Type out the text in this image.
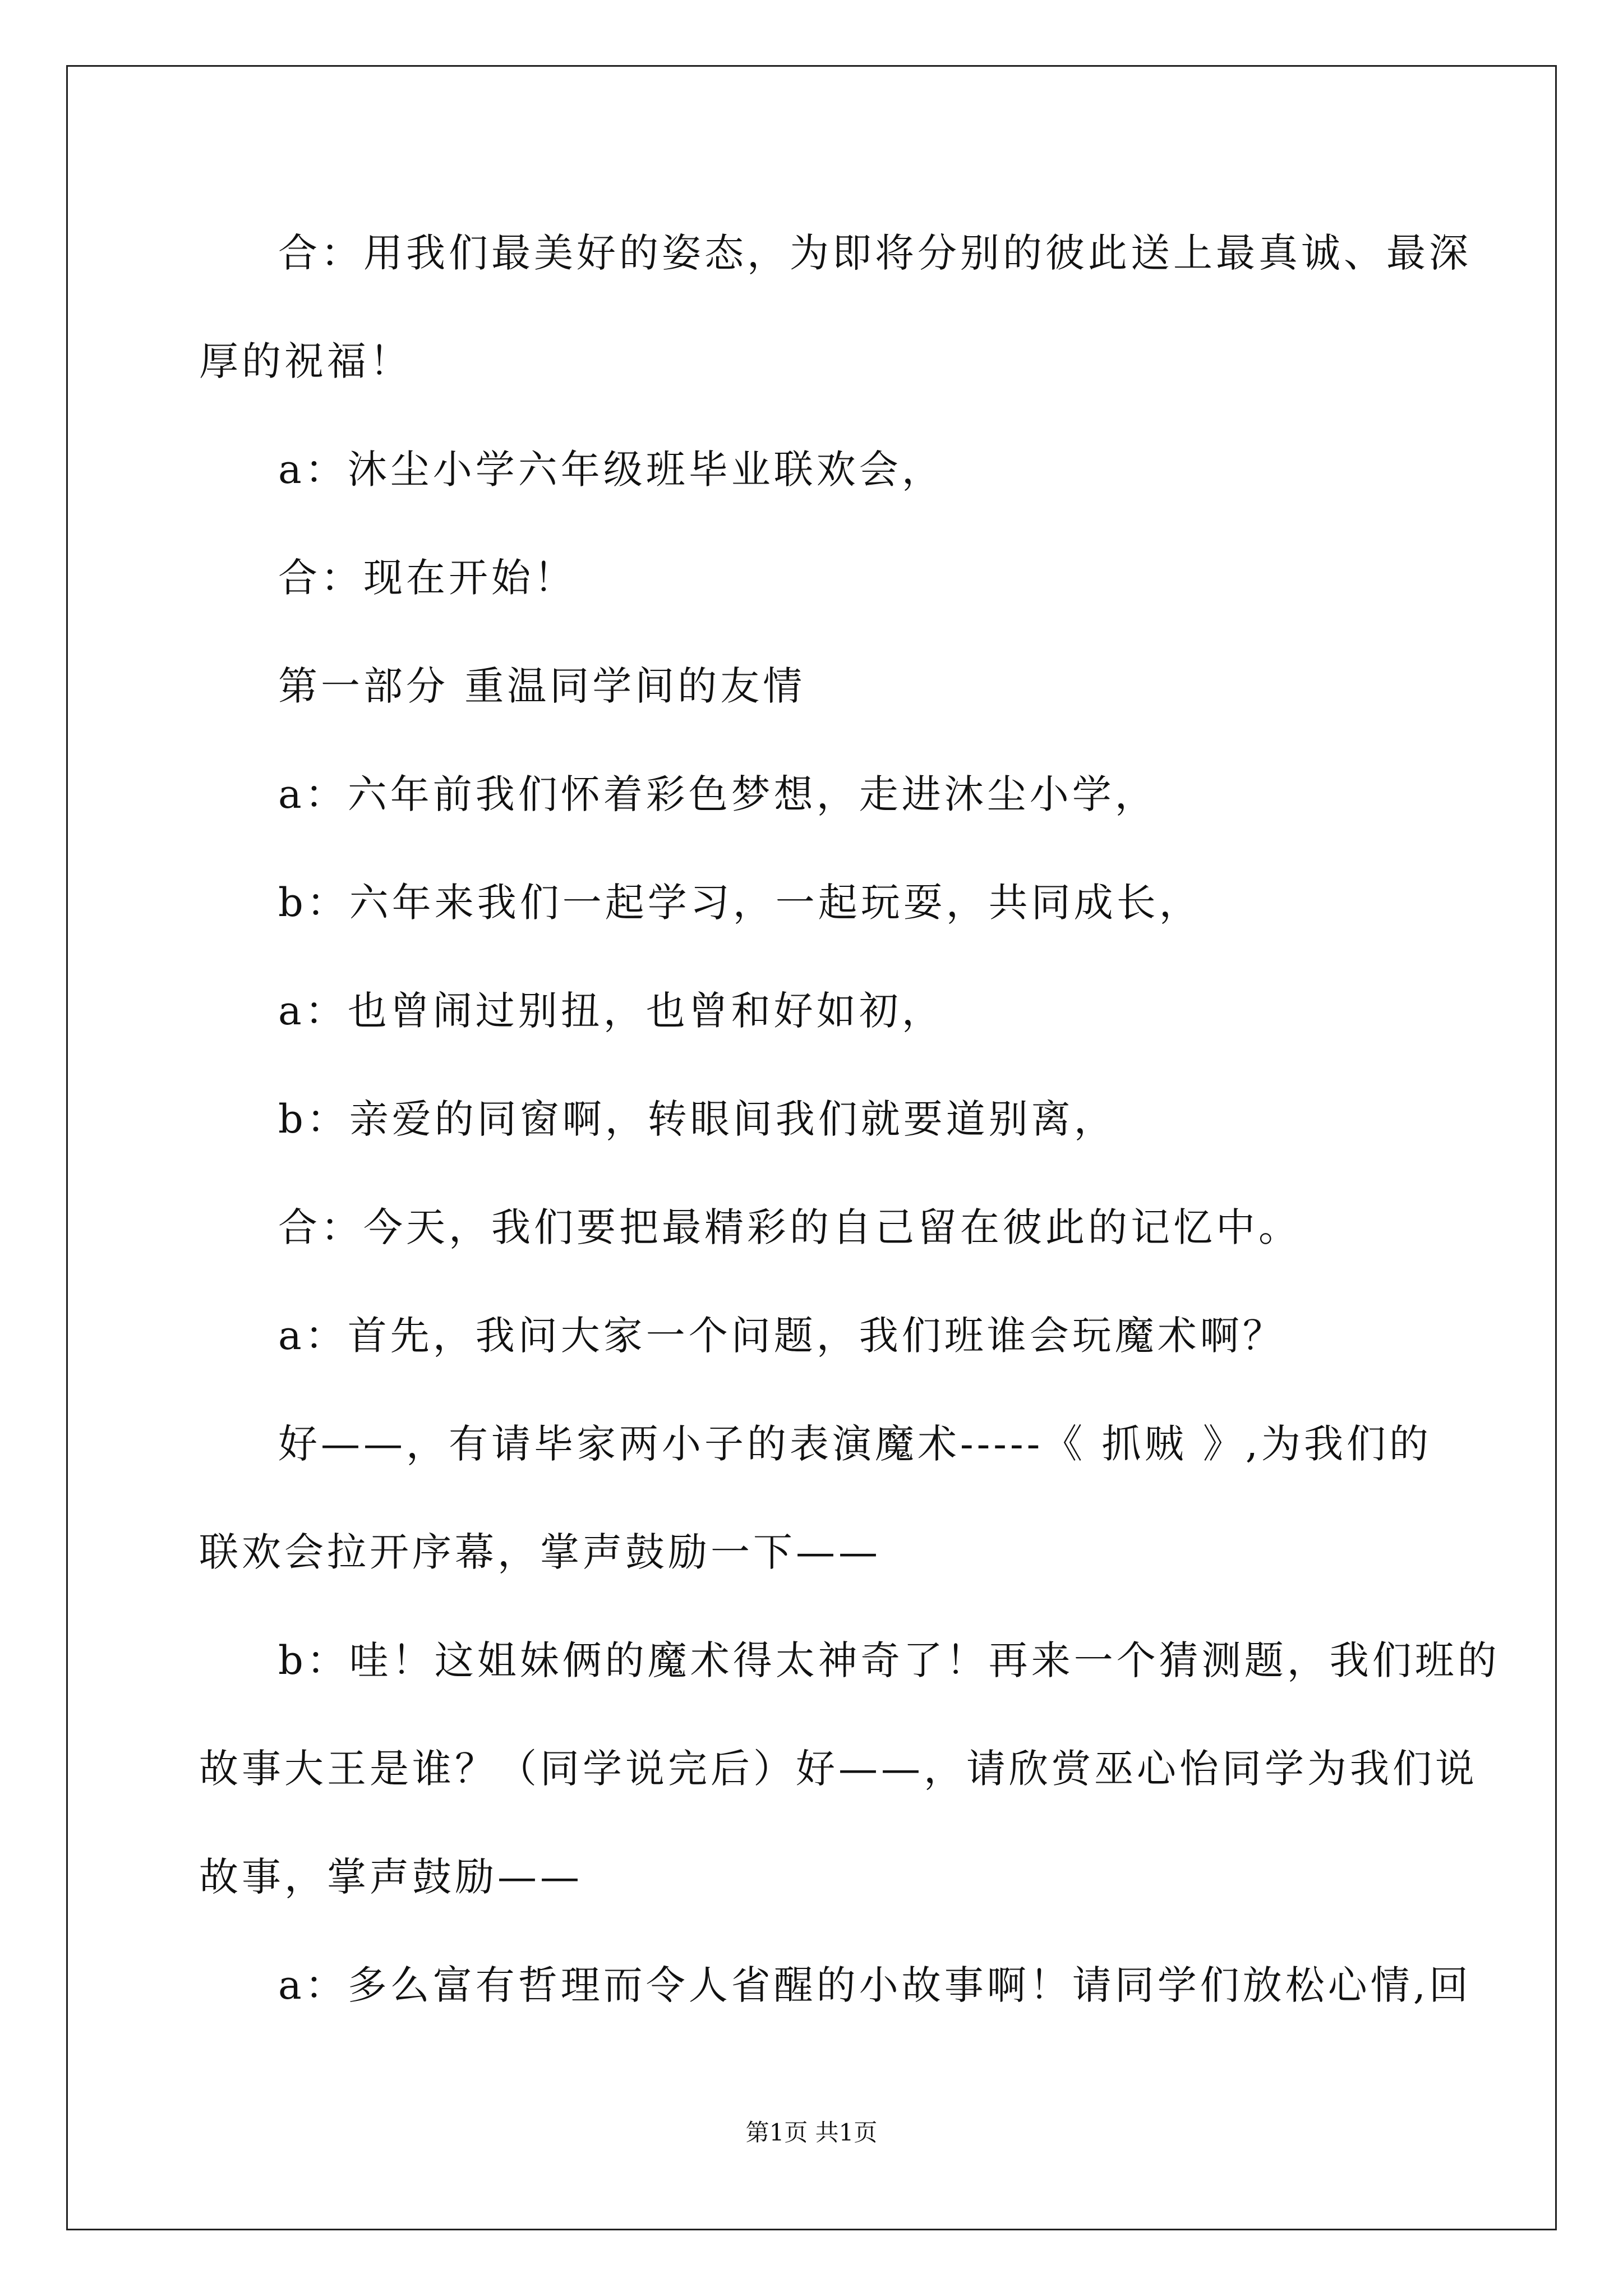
合：用我们最美好的姿态，为即将分别的彼此送上最真诚、最深

厚的祝福！

a：沐尘小学六年级班毕业联欢会，

合：现在开始！

第一部分 重温同学间的友情

a：六年前我们怀着彩色梦想，走进沐尘小学，

b：六年来我们一起学习，一起玩耍，共同成长，

a：也曾闹过别扭，也曾和好如初，

b：亲爱的同窗啊，转眼间我们就要道别离，

合：今天，我们要把最精彩的自己留在彼此的记忆中。

a：首先，我问大家一个问题，我们班谁会玩魔术啊？

好——，有请毕家两小子的表演魔术-----《 抓贼 》,为我们的

联欢会拉开序幕，掌声鼓励一下——

b：哇！这姐妹俩的魔术得太神奇了！再来一个猜测题，我们班的

故事大王是谁？（同学说完后）好——，请欣赏巫心怡同学为我们说

故事，掌声鼓励——

a：多么富有哲理而令人省醒的小故事啊！请同学们放松心情,回

第1页 共1页
